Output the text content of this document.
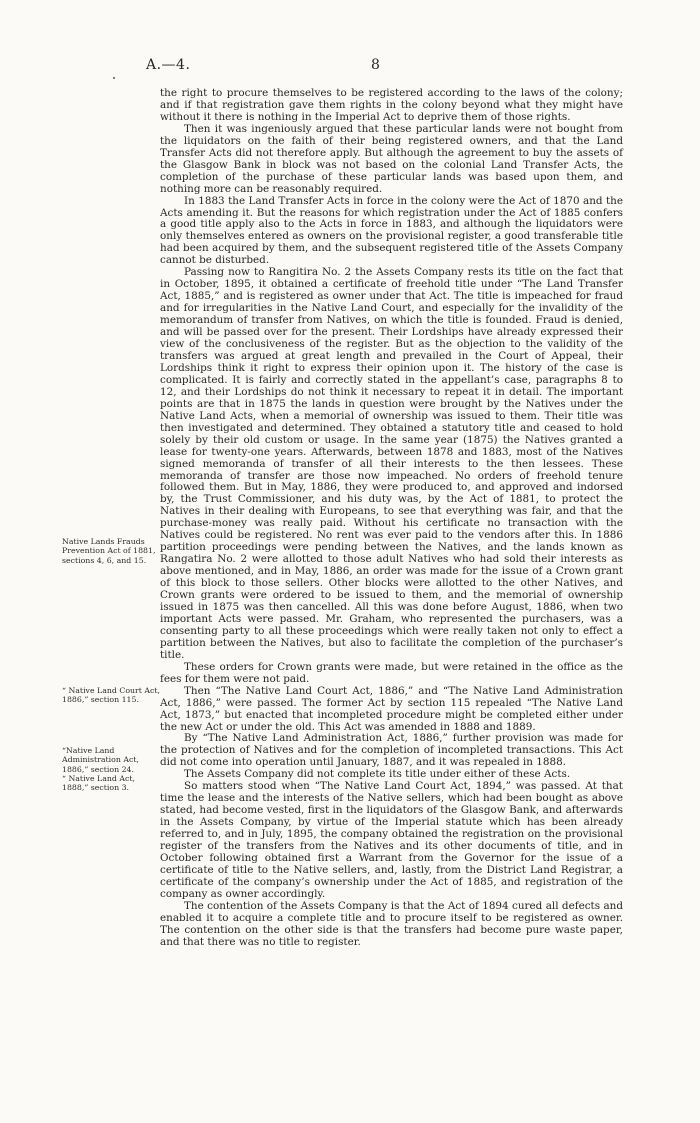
A.—4.	8

the right to procure themselves to be registered according to the laws of the colony; and if that registration gave them rights in the colony beyond what they might have without it there is nothing in the Imperial Act to deprive them of those rights.

Then it was ingeniously argued that these particular lands were not bought from the liquidators on the faith of their being registered owners, and that the Land Transfer Acts did not therefore apply. But although the agreement to buy the assets of the Glasgow Bank in block was not based on the colonial Land Transfer Acts, the completion of the purchase of these particular lands was based upon them, and nothing more can be reasonably required.

In 1883 the Land Transfer Acts in force in the colony were the Act of 1870 and the Acts amending it. But the reasons for which registration under the Act of 1885 confers a good title apply also to the Acts in force in 1883, and although the liquidators were only themselves entered as owners on the provisional register, a good transferable title had been acquired by them, and the subsequent registered title of the Assets Company cannot be disturbed.

Passing now to Rangitira No. 2 the Assets Company rests its title on the fact that in October, 1895, it obtained a certificate of freehold title under “The Land Transfer Act, 1885,” and is registered as owner under that Act. The title is impeached for fraud and for irregularities in the Native Land Court, and especially for the invalidity of the memorandum of transfer from Natives, on which the title is founded. Fraud is denied, and will be passed over for the present. Their Lordships have already expressed their view of the conclusiveness of the register. But as the objection to the validity of the transfers was argued at great length and prevailed in the Court of Appeal, their Lordships think it right to express their opinion upon it. The history of the case is complicated. It is fairly and correctly stated in the appellant’s case, paragraphs 8 to 12, and their Lordships do not think it necessary to repeat it in detail. The important points are that in 1875 the lands in question were brought by the Natives under the Native Land Acts, when a memorial of ownership was issued to them. Their title was then investigated and determined. They obtained a statutory title and ceased to hold solely by their old custom or usage. In the same year (1875) the Natives granted a lease for twenty-one years. Afterwards, between 1878 and 1883, most of the Natives signed memoranda of transfer of all their interests to the then lessees. These memoranda of transfer are those now impeached. No orders of freehold tenure followed them. But in May, 1886, they were produced to, and approved and indorsed by, the Trust Commissioner, and his duty was, by the Act of 1881, to protect the Natives in their dealing with Europeans, to see that everything was fair, and that the purchase-money was really paid. Without his certificate no transaction with the Natives could be registered. No rent was ever paid to the vendors after this. In 1886 partition proceedings were pending between the Natives, and the lands known as Rangatira No. 2 were allotted to those adult Natives who had sold their interests as above mentioned, and in May, 1886, an order was made for the issue of a Crown grant of this block to those sellers. Other blocks were allotted to the other Natives, and Crown grants were ordered to be issued to them, and the memorial of ownership issued in 1875 was then cancelled. All this was done before August, 1886, when two important Acts were passed. Mr. Graham, who represented the purchasers, was a consenting party to all these proceedings which were really taken not only to effect a partition between the Natives, but also to facilitate the completion of the purchaser’s title.

These orders for Crown grants were made, but were retained in the office as the fees for them were not paid.

Then “The Native Land Court Act, 1886,” and “The Native Land Administration Act, 1886,” were passed. The former Act by section 115 repealed “The Native Land Act, 1873,” but enacted that incompleted procedure might be completed either under the new Act or under the old. This Act was amended in 1888 and 1889.

By “The Native Land Administration Act, 1886,” further provision was made for the protection of Natives and for the completion of incompleted transactions. This Act did not come into operation until January, 1887, and it was repealed in 1888.

The Assets Company did not complete its title under either of these Acts.

So matters stood when “The Native Land Court Act, 1894,” was passed. At that time the lease and the interests of the Native sellers, which had been bought as above stated, had become vested, first in the liquidators of the Glasgow Bank, and afterwards in the Assets Company, by virtue of the Imperial statute which has been already referred to, and in July, 1895, the company obtained the registration on the provisional register of the transfers from the Natives and its other documents of title, and in October following obtained first a Warrant from the Governor for the issue of a certificate of title to the Native sellers, and, lastly, from the District Land Registrar, a certificate of the company’s ownership under the Act of 1885, and registration of the company as owner accordingly.

The contention of the Assets Company is that the Act of 1894 cured all defects and enabled it to acquire a complete title and to procure itself to be registered as owner. The contention on the other side is that the transfers had become pure waste paper, and that there was no title to register.

Native Lands Frauds Prevention Act of 1881, sections 4, 6, and 15.
“ Native Land Court Act, 1886,” section 115.
“Native Land Administration Act, 1886,” section 24.
“ Native Land Act, 1888,” section 3.
